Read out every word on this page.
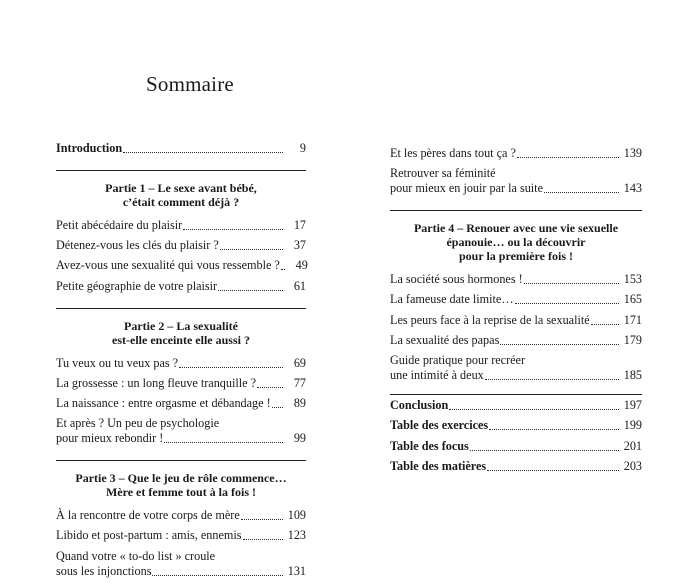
Sommaire
Introduction	9
Partie 1 – Le sexe avant bébé,
c’était comment déjà ?
Petit abécédaire du plaisir	17
Détenez-vous les clés du plaisir ?	37
Avez-vous une sexualité qui vous ressemble ?	49
Petite géographie de votre plaisir	61
Partie 2 – La sexualité
est-elle enceinte elle aussi ?
Tu veux ou tu veux pas ?	69
La grossesse : un long fleuve tranquille ?	77
La naissance : entre orgasme et débandage !	89
Et après ? Un peu de psychologie
pour mieux rebondir !	99
Partie 3 – Que le jeu de rôle commence…
Mère et femme tout à la fois !
À la rencontre de votre corps de mère	109
Libido et post-partum : amis, ennemis	123
Quand votre « to-do list » croule
sous les injonctions	131
Et les pères dans tout ça ?	139
Retrouver sa féminité
pour mieux en jouir par la suite	143
Partie 4 – Renouer avec une vie sexuelle
épanouie… ou la découvrir
pour la première fois !
La société sous hormones !	153
La fameuse date limite…	165
Les peurs face à la reprise de la sexualité	171
La sexualité des papas	179
Guide pratique pour recréer
une intimité à deux	185
Conclusion	197
Table des exercices	199
Table des focus	201
Table des matières	203
